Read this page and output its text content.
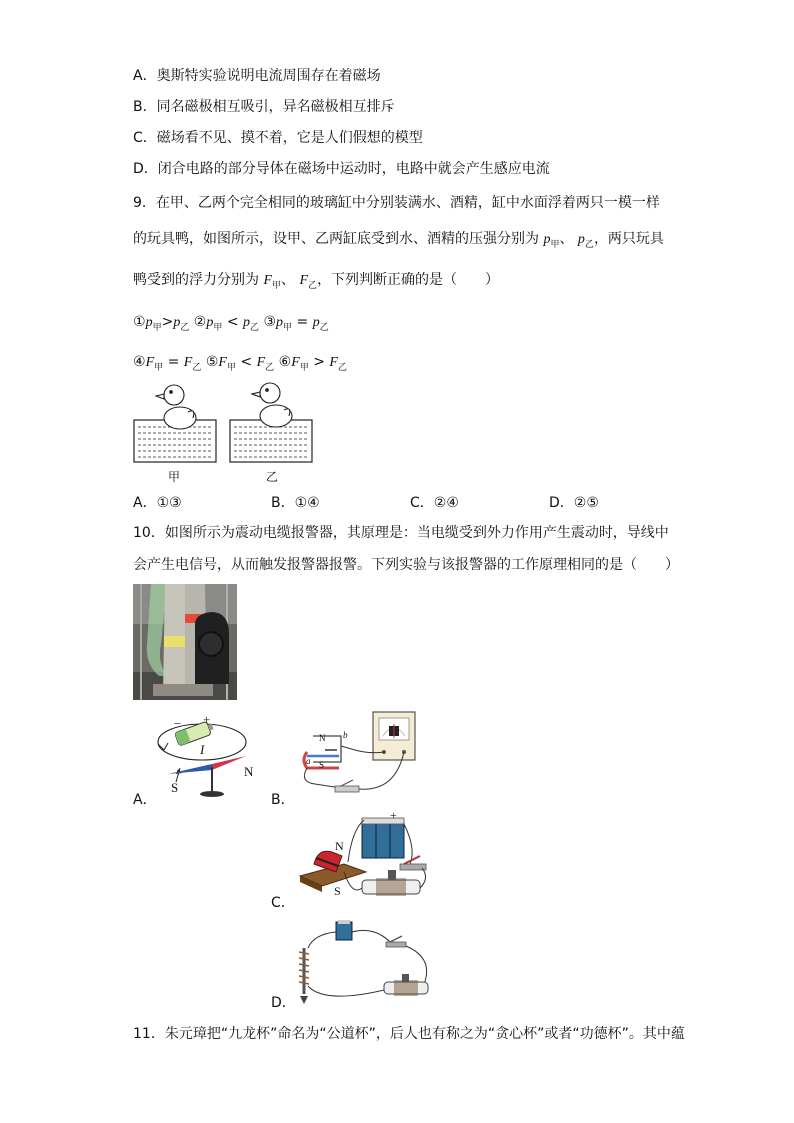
A．奥斯特实验说明电流周围存在着磁场
B．同名磁极相互吸引，异名磁极相互排斥
C．磁场看不见、摸不着，它是人们假想的模型
D．闭合电路的部分导体在磁场中运动时，电路中就会产生感应电流
9．在甲、乙两个完全相同的玻璃缸中分别装满水、酒精，缸中水面浮着两只一模一样
的玩具鸭，如图所示，设甲、乙两缸底受到水、酒精的压强分别为 $p_甲$、 $p_乙$，两只玩具
鸭受到的浮力分别为 $F_甲$、 $F_乙$，下列判断正确的是（　　）
$①p_甲>p_乙$ $②p_甲 < p_乙$ $③p_甲 = p_乙$
$④F_甲 = F_乙$ $⑤F_甲 < F_乙$ $⑥F_甲 > F_乙$
甲	乙
A．①③	B．①④	C．②④	D．②⑤
10．如图所示为震动电缆报警器，其原理是：当电缆受到外力作用产生震动时，导线中
会产生电信号，从而触发报警器报警。下列实验与该报警器的工作原理相同的是（　　）
− +
I
N
S
A．
N
S
b
a
B．
N
S
+
C．
D．
11．朱元璋把“九龙杯”命名为“公道杯”，后人也有称之为“贪心杯”或者“功德杯”。其中蕴
